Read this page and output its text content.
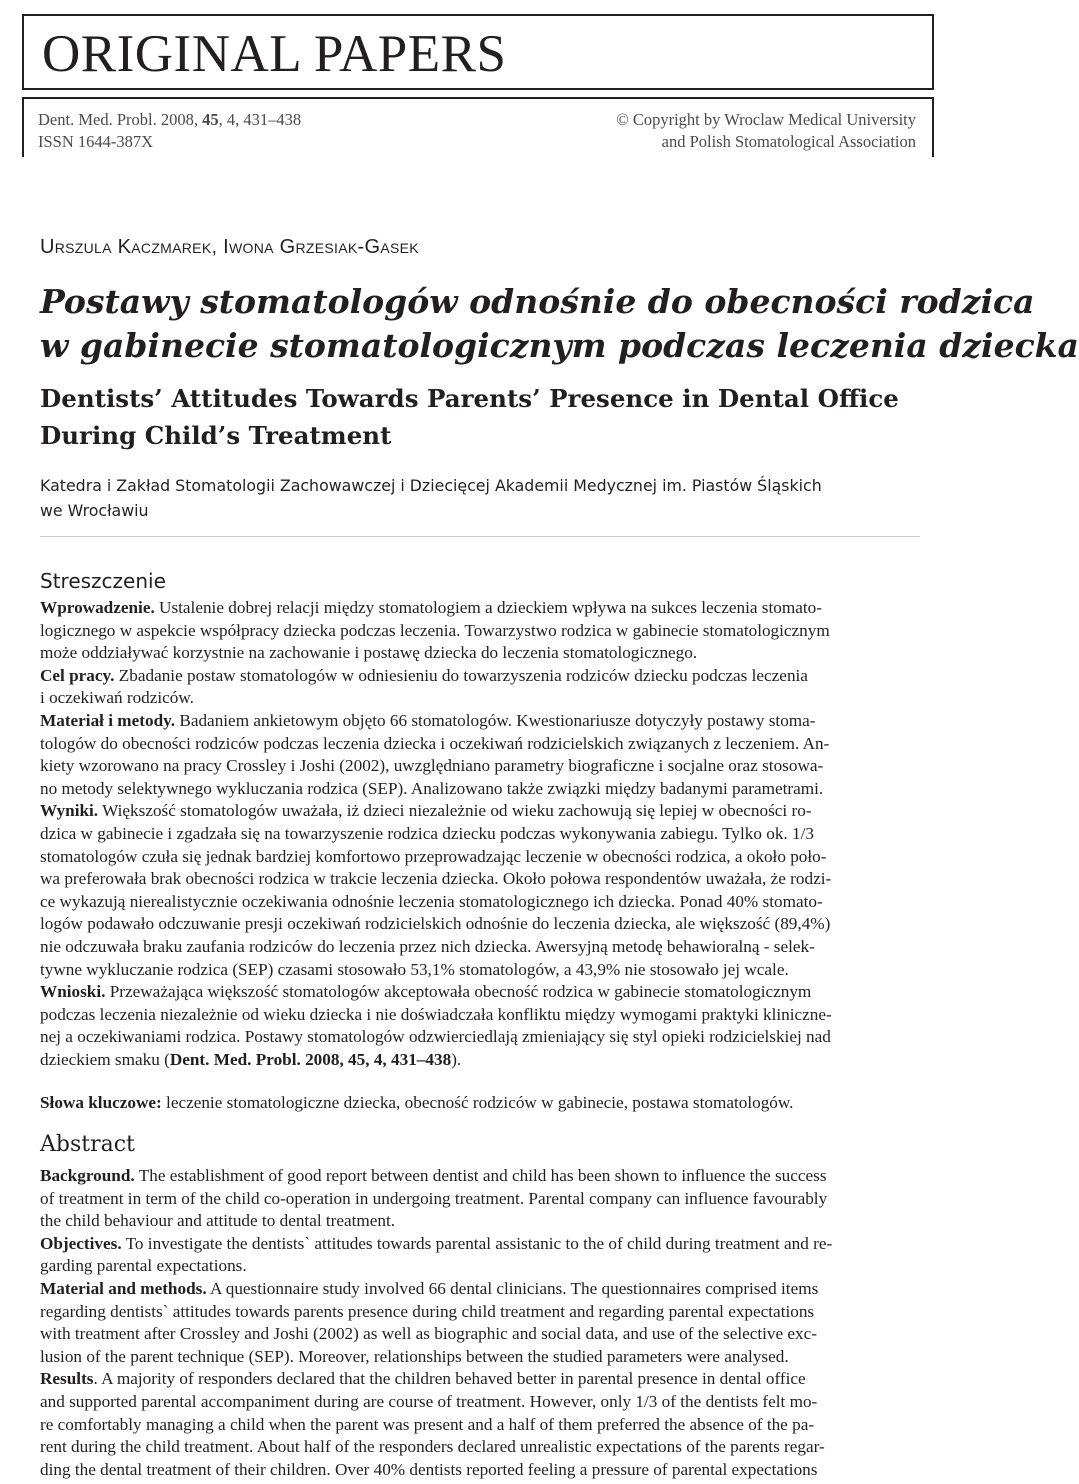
ORIGINAL PAPERS
Dent. Med. Probl. 2008, 45, 4, 431–438
ISSN 1644-387X
© Copyright by Wroclaw Medical University
and Polish Stomatological Association
Urszula Kaczmarek, Iwona Grzesiak-Gasek
Postawy stomatologów odnośnie do obecności rodzica
w gabinecie stomatologicznym podczas leczenia dziecka
Dentists’ Attitudes Towards Parents’ Presence in Dental Office
During Child’s Treatment
Katedra i Zakład Stomatologii Zachowawczej i Dziecięcej Akademii Medycznej im. Piastów Śląskich
we Wrocławiu
Streszczenie
Wprowadzenie. Ustalenie dobrej relacji między stomatologiem a dzieckiem wpływa na sukces leczenia stomato-
logicznego w aspekcie współpracy dziecka podczas leczenia. Towarzystwo rodzica w gabinecie stomatologicznym
może oddziaływać korzystnie na zachowanie i postawę dziecka do leczenia stomatologicznego.
Cel pracy. Zbadanie postaw stomatologów w odniesieniu do towarzyszenia rodziców dziecku podczas leczenia
i oczekiwań rodziców.
Materiał i metody. Badaniem ankietowym objęto 66 stomatologów. Kwestionariusze dotyczyły postawy stoma-
tologów do obecności rodziców podczas leczenia dziecka i oczekiwań rodzicielskich związanych z leczeniem. An-
kiety wzorowano na pracy Crossley i Joshi (2002), uwzględniano parametry biograficzne i socjalne oraz stosowa-
no metody selektywnego wykluczania rodzica (SEP). Analizowano także związki między badanymi parametrami.
Wyniki. Większość stomatologów uważała, iż dzieci niezależnie od wieku zachowują się lepiej w obecności ro-
dzica w gabinecie i zgadzała się na towarzyszenie rodzica dziecku podczas wykonywania zabiegu. Tylko ok. 1/3
stomatologów czuła się jednak bardziej komfortowo przeprowadzając leczenie w obecności rodzica, a około poło-
wa preferowała brak obecności rodzica w trakcie leczenia dziecka. Około połowa respondentów uważała, że rodzi-
ce wykazują nierealistycznie oczekiwania odnośnie leczenia stomatologicznego ich dziecka. Ponad 40% stomato-
logów podawało odczuwanie presji oczekiwań rodzicielskich odnośnie do leczenia dziecka, ale większość (89,4%)
nie odczuwała braku zaufania rodziców do leczenia przez nich dziecka. Awersyjną metodę behawioralną - selek-
tywne wykluczanie rodzica (SEP) czasami stosowało 53,1% stomatologów, a 43,9% nie stosowało jej wcale.
Wnioski. Przeważająca większość stomatologów akceptowała obecność rodzica w gabinecie stomatologicznym
podczas leczenia niezależnie od wieku dziecka i nie doświadczała konfliktu między wymogami praktyki kliniczne-
nej a oczekiwaniami rodzica. Postawy stomatologów odzwierciedlają zmieniający się styl opieki rodzicielskiej nad
dzieckiem smaku (Dent. Med. Probl. 2008, 45, 4, 431–438).
Słowa kluczowe: leczenie stomatologiczne dziecka, obecność rodziców w gabinecie, postawa stomatologów.
Abstract
Background. The establishment of good report between dentist and child has been shown to influence the success
of treatment in term of the child co-operation in undergoing treatment. Parental company can influence favourably
the child behaviour and attitude to dental treatment.
Objectives. To investigate the dentists` attitudes towards parental assistanic to the of child during treatment and re-
garding parental expectations.
Material and methods. A questionnaire study involved 66 dental clinicians. The questionnaires comprised items
regarding dentists` attitudes towards parents presence during child treatment and regarding parental expectations
with treatment after Crossley and Joshi (2002) as well as biographic and social data, and use of the selective exc-
lusion of the parent technique (SEP). Moreover, relationships between the studied parameters were analysed.
Results. A majority of responders declared that the children behaved better in parental presence in dental office
and supported parental accompaniment during are course of treatment. However, only 1/3 of the dentists felt mo-
re comfortably managing a child when the parent was present and a half of them preferred the absence of the pa-
rent during the child treatment. About half of the responders declared unrealistic expectations of the parents regar-
ding the dental treatment of their children. Over 40% dentists reported feeling a pressure of parental expectations
